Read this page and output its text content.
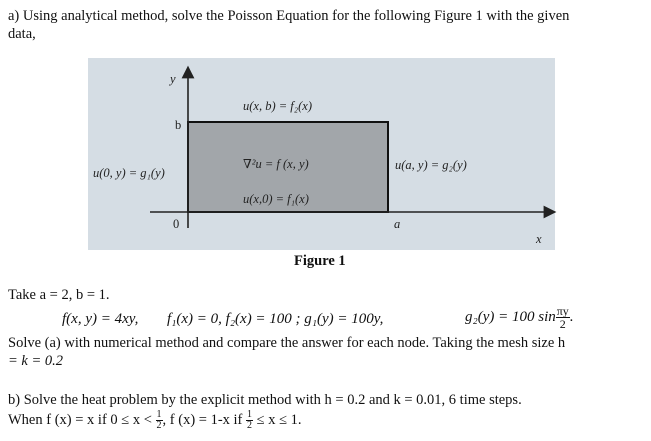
a) Using analytical method, solve the Poisson Equation for the following Figure 1 with the given
data,
y
b
0	a
x
u(x, b) = f₂(x)
∇²u = f (x, y)
u(x,0) = f₁(x)
u(0, y) = g₁(y)
u(a, y) = g₂(y)
Figure 1
Take a = 2, b = 1.
f(x, y) = 4xy, f₁(x) = 0, f₂(x) = 100 ; g₁(y) = 100y,	g₂(y) = 100 $\sin \frac{\pi y}{2}$ .
Solve (a) with numerical method and compare the answer for each node. Taking the mesh size h
= k = 0.2
b) Solve the heat problem by the explicit method with h = 0.2 and k = 0.01, 6 time steps.
When f (x) = x if $0 \le x < \frac{1}{2}$ , f (x) = 1-x if $\frac{1}{2} \le x \le 1$.
